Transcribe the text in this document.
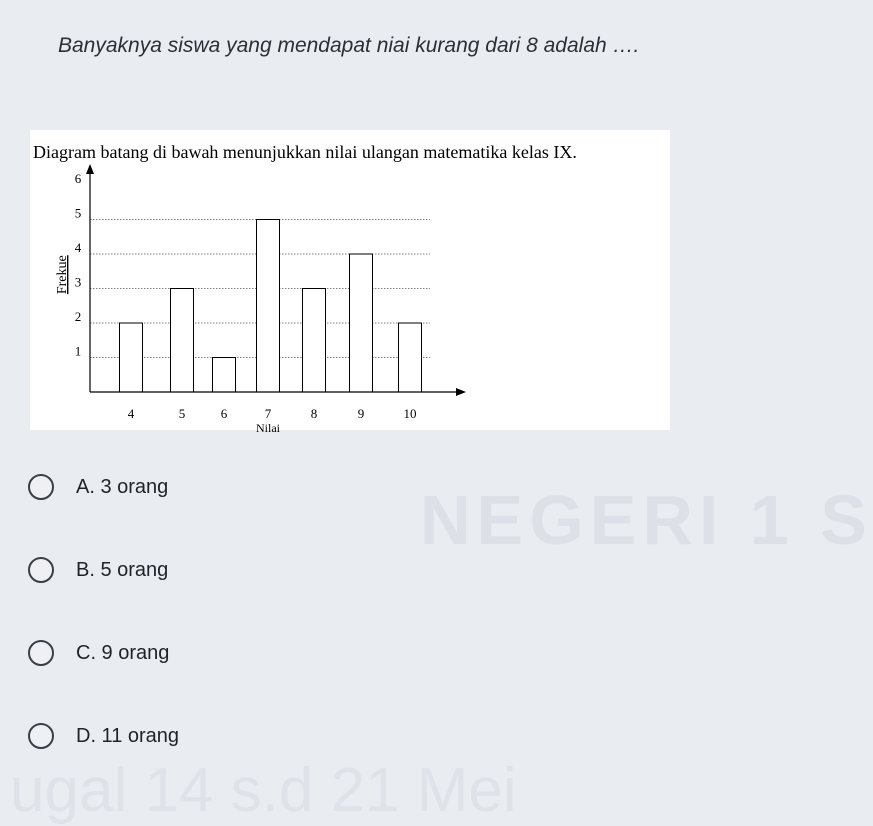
NEGERI 1 S
ugal 14 s.d 21 Mei
Banyaknya siswa yang mendapat niai kurang dari 8 adalah ….
Diagram batang di bawah menunjukkan nilai ulangan matematika kelas IX.
1
2
3
4
5
6
4	5	6	7	8	9	10
Nilai
Frekue
A. 3 orang
B. 5 orang
C. 9 orang
D. 11 orang
